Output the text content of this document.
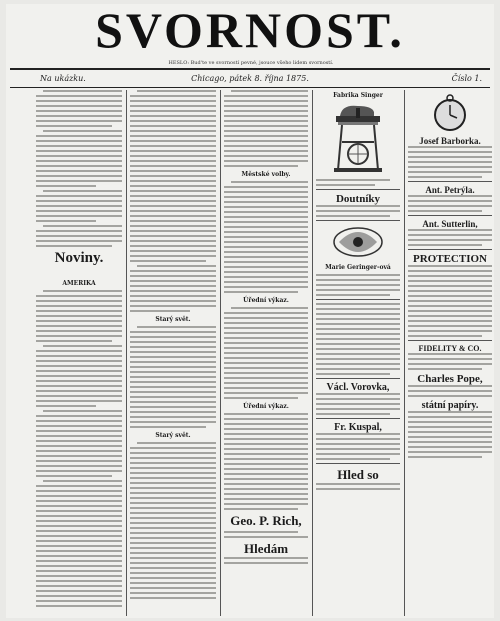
SVORNOST.
HESLO: Bud'te ve svorností pevné, jsouce všeho lidem svorností.
Na ukázku.	Chicago, pátek 8. října 1875.	Číslo 1.
Noviny.

AMERIKA
Starý svět.
Starý svět.
Městské volby.
Úřední výkaz.
Úřední výkaz.
Geo. P. Rich,
Hledám
Fabrika Singer
Doutníky
Marie Geringer-ová
Václ. Vorovka,
Fr. Kuspal,
Hled so
Josef Barborka.
Ant. Petrýla.
Ant. Sutterlin,
PROTECTION
FIDELITY & CO.
Charles Pope,
státní papíry.
